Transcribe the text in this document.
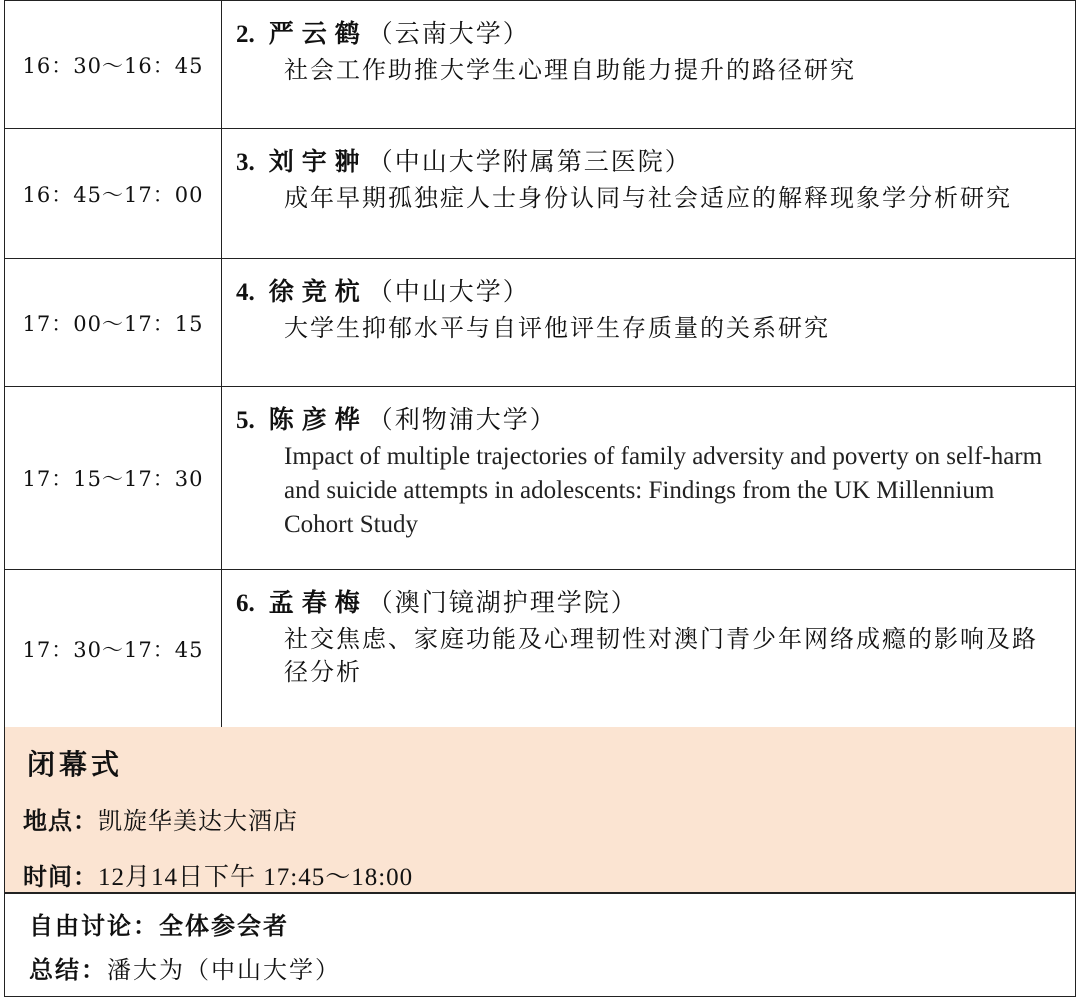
16：30～16：45	2. 严云鹤（云南大学）
社会工作助推大学生心理自助能力提升的路径研究

16：45～17：00	3. 刘宇翀（中山大学附属第三医院）
成年早期孤独症人士身份认同与社会适应的解释现象学分析研究

17：00～17：15	4. 徐竞杭（中山大学）
大学生抑郁水平与自评他评生存质量的关系研究

17：15～17：30	5. 陈彦桦（利物浦大学）
Impact of multiple trajectories of family adversity and poverty on self-harm and suicide attempts in adolescents: Findings from the UK Millennium Cohort Study

17：30～17：45	6. 孟春梅（澳门镜湖护理学院）
社交焦虑、家庭功能及心理韧性对澳门青少年网络成瘾的影响及路径分析
闭幕式
地点：凯旋华美达大酒店
时间：12月14日下午 17:45～18:00
自由讨论：全体参会者
总结：潘大为（中山大学）
